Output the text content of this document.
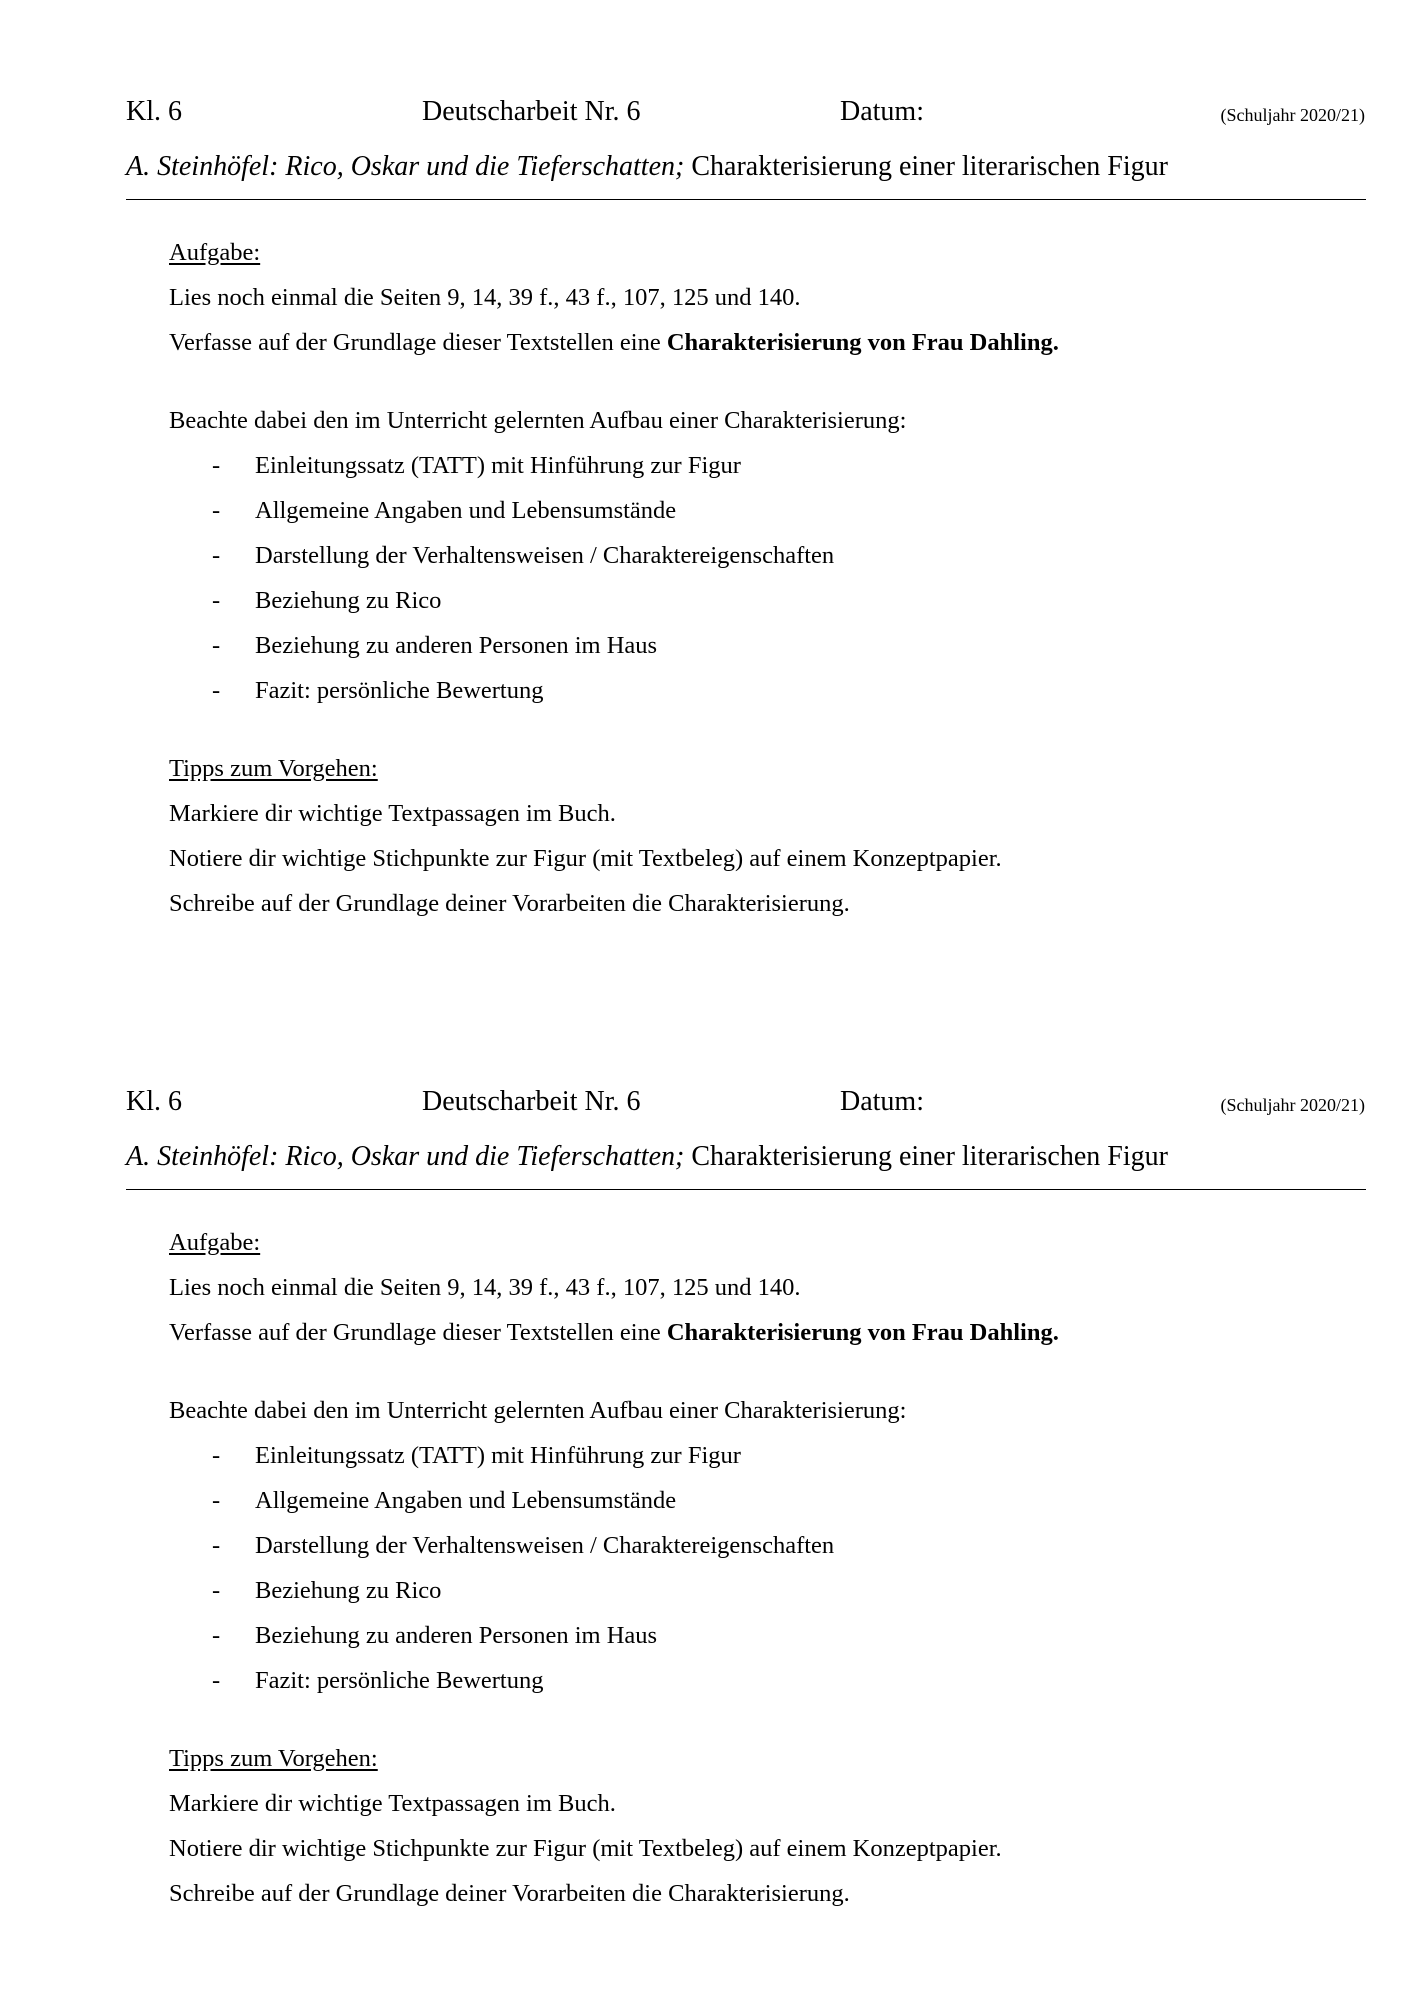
Kl. 6	Deutscharbeit Nr. 6	Datum:	(Schuljahr 2020/21)
A. Steinhöfel: Rico, Oskar und die Tieferschatten; Charakterisierung einer literarischen Figur
Aufgabe:
Lies noch einmal die Seiten 9, 14, 39 f., 43 f., 107, 125 und 140.
Verfasse auf der Grundlage dieser Textstellen eine Charakterisierung von Frau Dahling.
Beachte dabei den im Unterricht gelernten Aufbau einer Charakterisierung:
- Einleitungssatz (TATT) mit Hinführung zur Figur
- Allgemeine Angaben und Lebensumstände
- Darstellung der Verhaltensweisen / Charaktereigenschaften
- Beziehung zu Rico
- Beziehung zu anderen Personen im Haus
- Fazit: persönliche Bewertung
Tipps zum Vorgehen:
Markiere dir wichtige Textpassagen im Buch.
Notiere dir wichtige Stichpunkte zur Figur (mit Textbeleg) auf einem Konzeptpapier.
Schreibe auf der Grundlage deiner Vorarbeiten die Charakterisierung.
Kl. 6	Deutscharbeit Nr. 6	Datum:	(Schuljahr 2020/21)
A. Steinhöfel: Rico, Oskar und die Tieferschatten; Charakterisierung einer literarischen Figur
Aufgabe:
Lies noch einmal die Seiten 9, 14, 39 f., 43 f., 107, 125 und 140.
Verfasse auf der Grundlage dieser Textstellen eine Charakterisierung von Frau Dahling.
Beachte dabei den im Unterricht gelernten Aufbau einer Charakterisierung:
- Einleitungssatz (TATT) mit Hinführung zur Figur
- Allgemeine Angaben und Lebensumstände
- Darstellung der Verhaltensweisen / Charaktereigenschaften
- Beziehung zu Rico
- Beziehung zu anderen Personen im Haus
- Fazit: persönliche Bewertung
Tipps zum Vorgehen:
Markiere dir wichtige Textpassagen im Buch.
Notiere dir wichtige Stichpunkte zur Figur (mit Textbeleg) auf einem Konzeptpapier.
Schreibe auf der Grundlage deiner Vorarbeiten die Charakterisierung.
